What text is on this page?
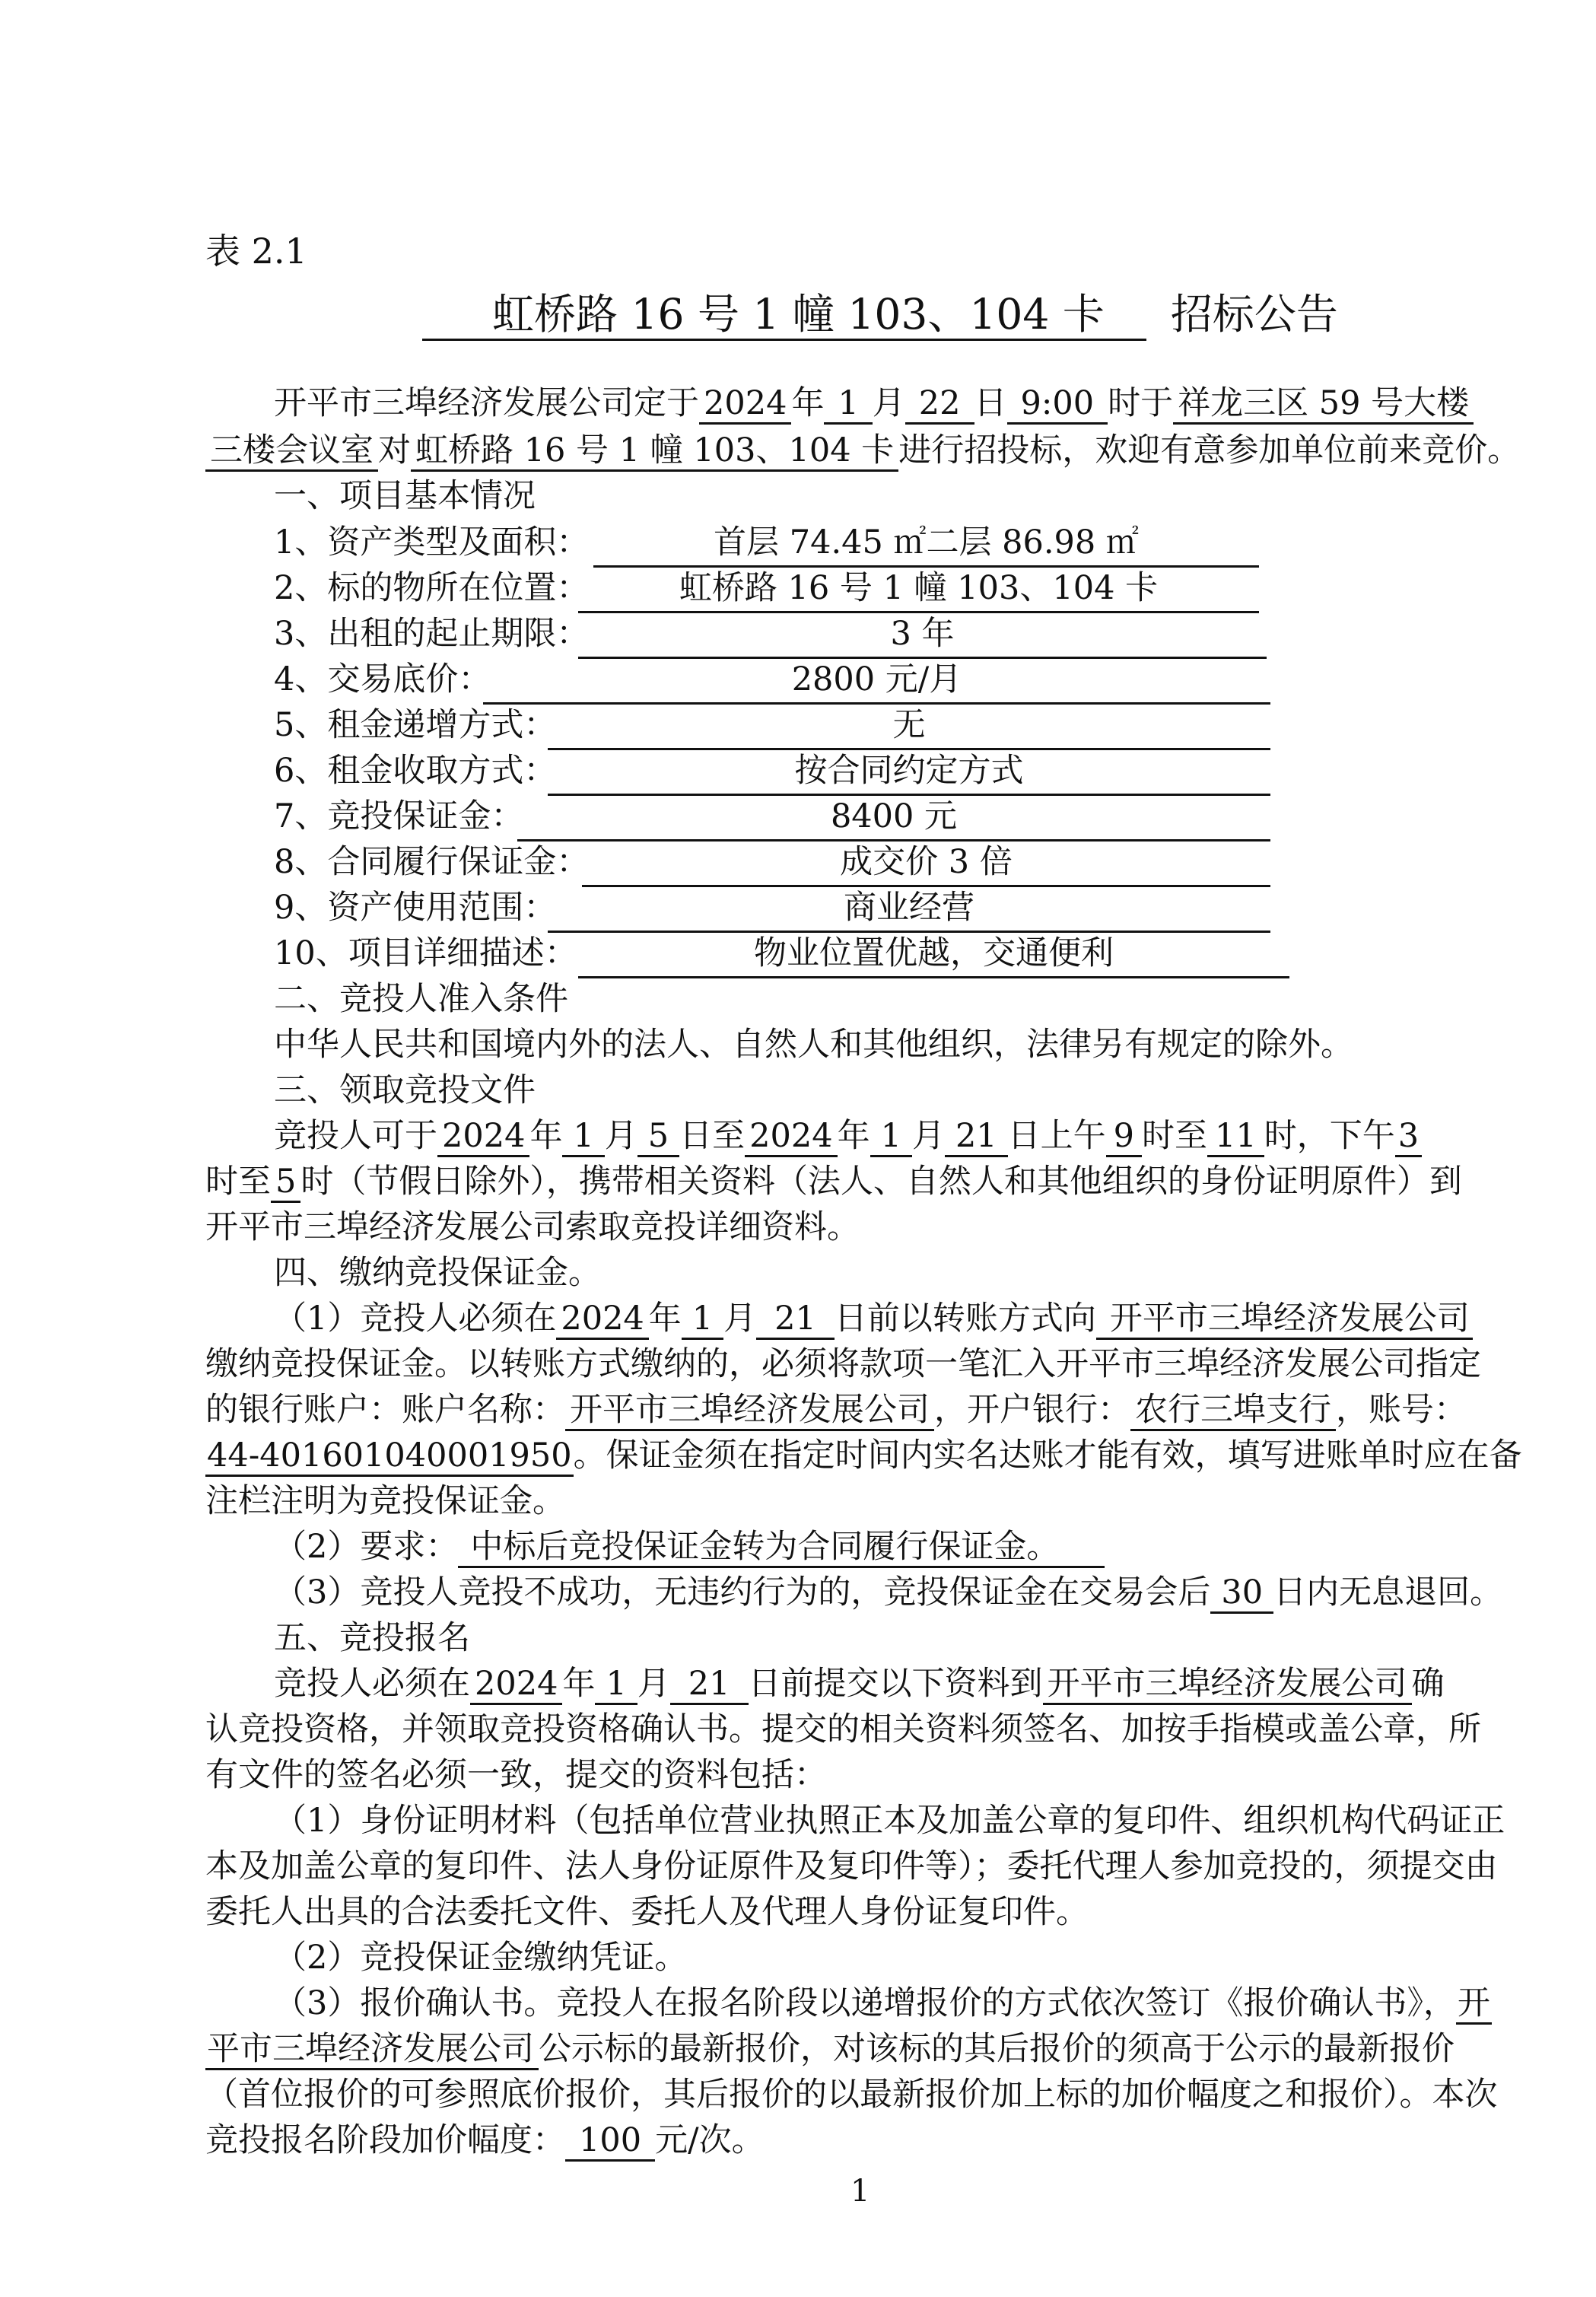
表 2.1
虹桥路 16 号 1 幢 103、104 卡 招标公告
开平市三埠经济发展公司定于 2024 年 1 月 22 日 9:00 时于 祥龙三区 59 号大楼
三楼会议室 对 虹桥路 16 号 1 幢 103、104 卡 进行招投标，欢迎有意参加单位前来竞价。
一、项目基本情况
1、资产类型及面积：	首层 74.45 ㎡二层 86.98 ㎡
2、标的物所在位置：	虹桥路 16 号 1 幢 103、104 卡
3、出租的起止期限：	3 年
4、交易底价：	2800 元/月
5、租金递增方式：	无
6、租金收取方式：	按合同约定方式
7、竞投保证金：	8400 元
8、合同履行保证金：	成交价 3 倍
9、资产使用范围：	商业经营
10、项目详细描述：	物业位置优越，交通便利
二、竞投人准入条件
中华人民共和国境内外的法人、自然人和其他组织，法律另有规定的除外。
三、领取竞投文件
竞投人可于 2024 年 1 月 5 日至 2024 年 1 月 21 日上午 9 时至 11 时，下午3
时至 5 时（节假日除外），携带相关资料（法人、自然人和其他组织的身份证明原件）到
开平市三埠经济发展公司索取竞投详细资料。
四、缴纳竞投保证金。
（1）竞投人必须在 2024 年 1 月 21 日前以转账方式向 开平市三埠经济发展公司
缴纳竞投保证金。以转账方式缴纳的，必须将款项一笔汇入开平市三埠经济发展公司指定
的银行账户：账户名称： 开平市三埠经济发展公司 ，开户银行： 农行三埠支行 ，账号：
44-401601040001950。保证金须在指定时间内实名达账才能有效，填写进账单时应在备
注栏注明为竞投保证金。
（2）要求： 中标后竞投保证金转为合同履行保证金。
（3）竞投人竞投不成功，无违约行为的，竞投保证金在交易会后 30 日内无息退回。
五、竞投报名
竞投人必须在 2024 年 1 月 21 日前提交以下资料到 开平市三埠经济发展公司 确
认竞投资格，并领取竞投资格确认书。提交的相关资料须签名、加按手指模或盖公章，所
有文件的签名必须一致，提交的资料包括：
（1）身份证明材料（包括单位营业执照正本及加盖公章的复印件、组织机构代码证正
本及加盖公章的复印件、法人身份证原件及复印件等）；委托代理人参加竞投的，须提交由
委托人出具的合法委托文件、委托人及代理人身份证复印件。
（2）竞投保证金缴纳凭证。
（3）报价确认书。竞投人在报名阶段以递增报价的方式依次签订《报价确认书》，开
平市三埠经济发展公司 公示标的最新报价，对该标的其后报价的须高于公示的最新报价
（首位报价的可参照底价报价，其后报价的以最新报价加上标的加价幅度之和报价）。本次
竞投报名阶段加价幅度： 100 元/次。
1
